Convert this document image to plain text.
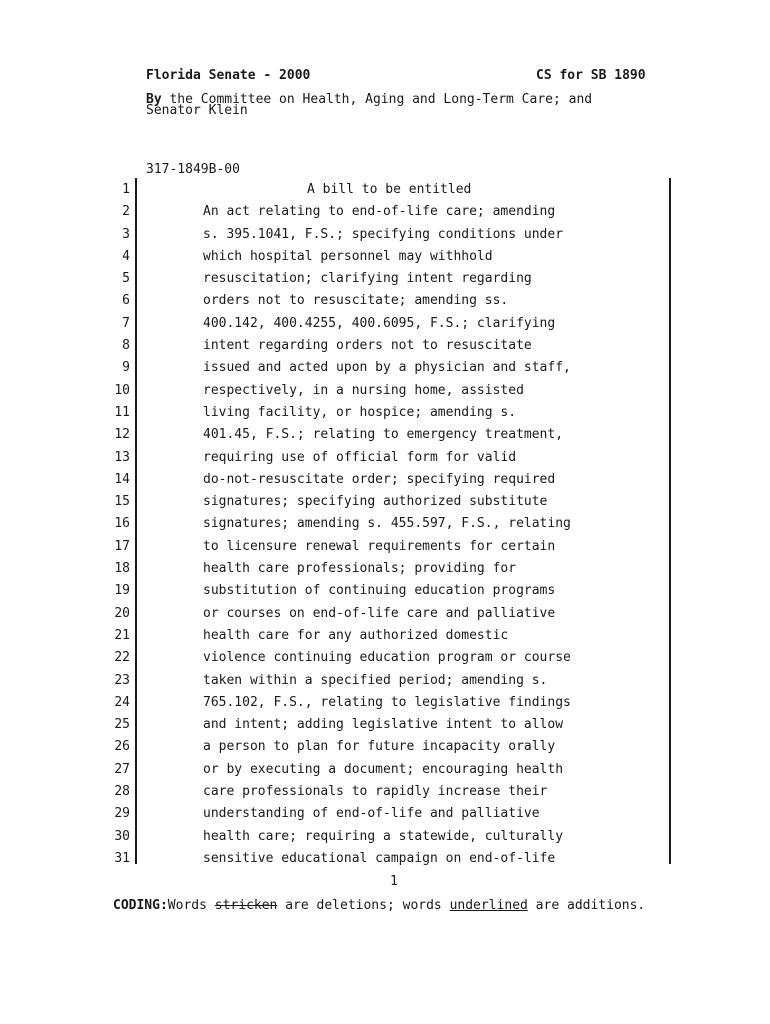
Florida Senate - 2000	CS for SB 1890
By the Committee on Health, Aging and Long-Term Care; and
Senator Klein
317-1849B-00
1	A bill to be entitled
2	An act relating to end-of-life care; amending
3	s. 395.1041, F.S.; specifying conditions under
4	which hospital personnel may withhold
5	resuscitation; clarifying intent regarding
6	orders not to resuscitate; amending ss.
7	400.142, 400.4255, 400.6095, F.S.; clarifying
8	intent regarding orders not to resuscitate
9	issued and acted upon by a physician and staff,
10	respectively, in a nursing home, assisted
11	living facility, or hospice; amending s.
12	401.45, F.S.; relating to emergency treatment,
13	requiring use of official form for valid
14	do-not-resuscitate order; specifying required
15	signatures; specifying authorized substitute
16	signatures; amending s. 455.597, F.S., relating
17	to licensure renewal requirements for certain
18	health care professionals; providing for
19	substitution of continuing education programs
20	or courses on end-of-life care and palliative
21	health care for any authorized domestic
22	violence continuing education program or course
23	taken within a specified period; amending s.
24	765.102, F.S., relating to legislative findings
25	and intent; adding legislative intent to allow
26	a person to plan for future incapacity orally
27	or by executing a document; encouraging health
28	care professionals to rapidly increase their
29	understanding of end-of-life and palliative
30	health care; requiring a statewide, culturally
31	sensitive educational campaign on end-of-life
1
CODING:Words stricken are deletions; words underlined are additions.
